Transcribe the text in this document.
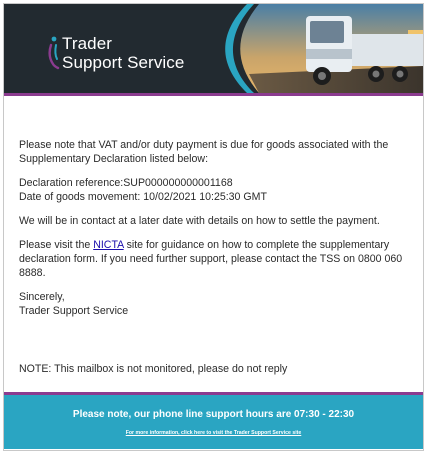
Trader
Support Service

Please note that VAT and/or duty payment is due for goods associated with the Supplementary Declaration listed below:

Declaration reference:SUP000000000001168

Date of goods movement: 10/02/2021 10:25:30 GMT

We will be in contact at a later date with details on how to settle the payment.

Please visit the NICTA site for guidance on how to complete the supplementary declaration form. If you need further support, please contact the TSS on 0800 060 8888.

Sincerely,

Trader Support Service

NOTE: This mailbox is not monitored, please do not reply
Please note, our phone line support hours are 07:30 - 22:30
For more information, click here to visit the Trader Support Service site
